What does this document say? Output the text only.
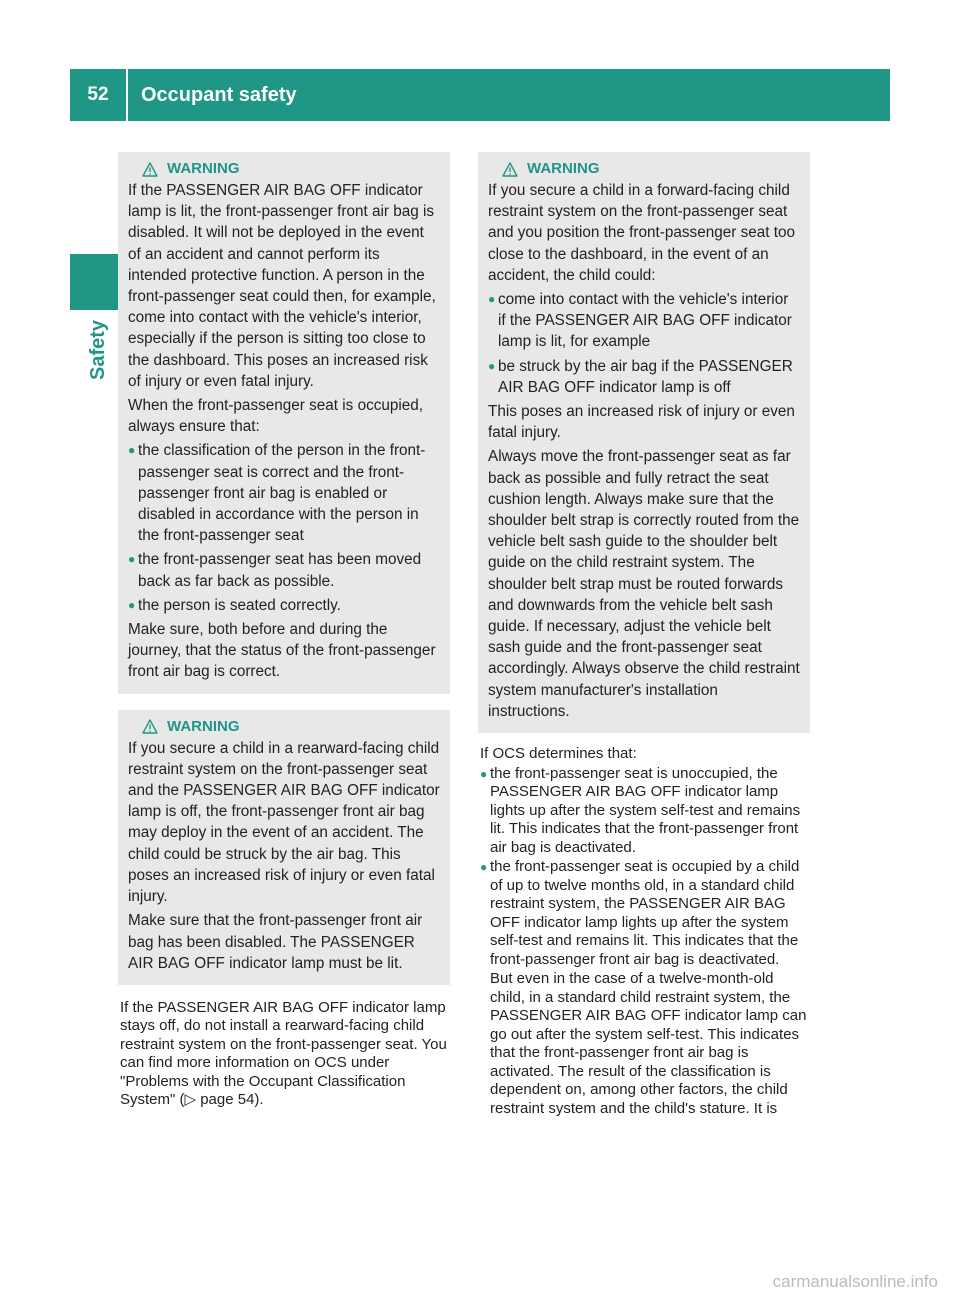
52	Occupant safety
Safety
WARNING
If the PASSENGER AIR BAG OFF indicator lamp is lit, the front-passenger front air bag is disabled. It will not be deployed in the event of an accident and cannot perform its intended protective function. A person in the front-passenger seat could then, for example, come into contact with the vehicle's interior, especially if the person is sitting too close to the dashboard. This poses an increased risk of injury or even fatal injury.
When the front-passenger seat is occupied, always ensure that:
● the classification of the person in the front-passenger seat is correct and the front-passenger front air bag is enabled or disabled in accordance with the person in the front-passenger seat
● the front-passenger seat has been moved back as far back as possible.
● the person is seated correctly.
Make sure, both before and during the journey, that the status of the front-passenger front air bag is correct.
WARNING
If you secure a child in a rearward-facing child restraint system on the front-passenger seat and the PASSENGER AIR BAG OFF indicator lamp is off, the front-passenger front air bag may deploy in the event of an accident. The child could be struck by the air bag. This poses an increased risk of injury or even fatal injury.
Make sure that the front-passenger front air bag has been disabled. The PASSENGER AIR BAG OFF indicator lamp must be lit.
If the PASSENGER AIR BAG OFF indicator lamp stays off, do not install a rearward-facing child restraint system on the front-passenger seat. You can find more information on OCS under "Problems with the Occupant Classification System" (▷ page 54).
WARNING
If you secure a child in a forward-facing child restraint system on the front-passenger seat and you position the front-passenger seat too close to the dashboard, in the event of an accident, the child could:
● come into contact with the vehicle's interior if the PASSENGER AIR BAG OFF indicator lamp is lit, for example
● be struck by the air bag if the PASSENGER AIR BAG OFF indicator lamp is off
This poses an increased risk of injury or even fatal injury.
Always move the front-passenger seat as far back as possible and fully retract the seat cushion length. Always make sure that the shoulder belt strap is correctly routed from the vehicle belt sash guide to the shoulder belt guide on the child restraint system. The shoulder belt strap must be routed forwards and downwards from the vehicle belt sash guide. If necessary, adjust the vehicle belt sash guide and the front-passenger seat accordingly. Always observe the child restraint system manufacturer's installation instructions.
If OCS determines that:
● the front-passenger seat is unoccupied, the PASSENGER AIR BAG OFF indicator lamp lights up after the system self-test and remains lit. This indicates that the front-passenger front air bag is deactivated.
● the front-passenger seat is occupied by a child of up to twelve months old, in a standard child restraint system, the PASSENGER AIR BAG OFF indicator lamp lights up after the system self-test and remains lit. This indicates that the front-passenger front air bag is deactivated.
But even in the case of a twelve-month-old child, in a standard child restraint system, the PASSENGER AIR BAG OFF indicator lamp can go out after the system self-test. This indicates that the front-passenger front air bag is activated. The result of the classification is dependent on, among other factors, the child restraint system and the child's stature. It is
carmanualsonline.info
